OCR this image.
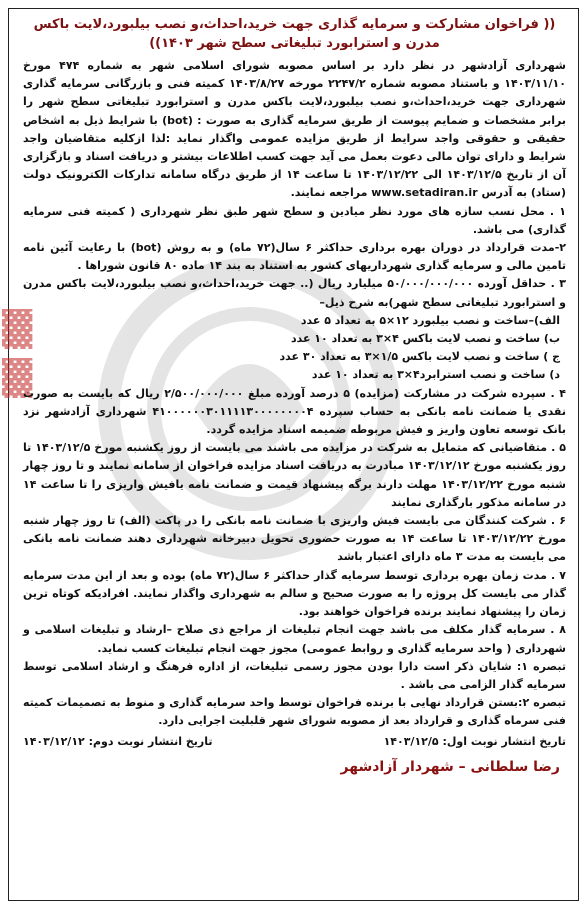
▓▓ ▓▓
(( فراخوان مشارکت و سرمایه گذاری جهت خرید،احداث،و نصب بیلبورد،لایت باکس مدرن و استرابورد تبلیغاتی سطح شهر ۱۴۰۳))

شهرداری آزادشهر در نظر دارد بر اساس مصوبه شورای اسلامی شهر به شماره ۴۷۴ مورخ ۱۴۰۳/۱۱/۱۰ و باستناد مصوبه شماره ۲۲۴۷/۲ مورخه ۱۴۰۳/۸/۲۷ کمیته فنی و بازرگانی سرمایه گذاری شهرداری جهت خرید،احداث،و نصب بیلبورد،لایت باکس مدرن و استرابورد تبلیغاتی سطح شهر را برابر مشخصات و ضمایم پیوست از طریق سرمایه گذاری به صورت : (bot) با شرایط ذیل به اشخاص حقیقی و حقوقی واجد سرایط از طریق مزایده عمومی واگذار نماید :لذا ازکلیه متقاضیان واجد شرایط و دارای توان مالی دعوت بعمل می آید جهت کسب اطلاعات بیشتر و دریافت اسناد و بازگزاری آن از تاریخ ۱۴۰۳/۱۲/۵ الی ۱۴۰۳/۱۲/۲۲ تا ساعت ۱۴ از طریق درگاه سامانه تدارکات الکترونیک دولت (ستاد) به آدرس www.setadiran.ir مراجعه نمایند.

۱ . محل نسب سازه های مورد نظر میادین و سطح شهر طبق نظر شهرداری ( کمیته فنی سرمایه گذاری) می باشد.
۲-مدت قرارداد در دوران بهره برداری حداکثر ۶ سال(۷۲ ماه) و به روش (bot) با رعایت آئین نامه تامین مالی و سرمایه گذاری شهرداریهای کشور به استناد به بند ۱۴ ماده ۸۰ قانون شوراها .
۳ . حداقل آورده ۵۰/۰۰۰/۰۰۰/۰۰۰ میلیارد ریال (.. جهت خرید،احداث،و نصب بیلبورد،لایت باکس مدرن و استرابورد تبلیغاتی سطح شهر)به شرح ذیل–
الف)–ساخت و نصب بیلبورد ۱۲×۵ به تعداد ۵ عدد
ب) ساخت و نصب لایت باکس ۴×۳ به تعداد ۱۰ عدد
ج ) ساخت و نصب لایت باکس ۱/۵×۳ به تعداد ۳۰ عدد
د) ساخت و نصب استرابرد۴×۳ به تعداد ۱۰ عدد
۴ . سپرده شرکت در مشارکت (مزایده) ۵ درصد آورده مبلغ ۲/۵۰۰/۰۰۰/۰۰۰ ریال که بایست به صورت نقدی یا ضمانت نامه بانکی به حساب سپرده ۴۱۰۰۰۰۰۰۳۰۱۱۱۱۳۰۰۰۰۰۰۰۰۴ شهرداری آزادشهر نزد بانک توسعه تعاون واریز و فیش مربوطه ضمیمه اسناد مزایده گردد.
۵ . متقاضیانی که متمایل به شرکت در مزایده می باشند می بایست از روز یکشنبه مورخ ۱۴۰۳/۱۲/۵ تا روز یکشنبه مورخ ۱۴۰۳/۱۲/۱۲ مبادرت به دریافت اسناد مزایده فراخوان از سامانه نمایند و تا روز چهار شنبه مورخ ۱۴۰۳/۱۲/۲۲ مهلت دارند برگه پیشنهاد قیمت و ضمانت نامه یافیش واریزی را تا ساعت ۱۴ در سامانه مذکور بارگذاری نمایند
۶ . شرکت کنندگان می بایست فیش واریزی با ضمانت نامه بانکی را در پاکت (الف) تا روز چهار شنبه مورخ ۱۴۰۳/۱۲/۲۲ تا ساعت ۱۴ به صورت حضوری تحویل دبیرخانه شهرداری دهند ضمانت نامه بانکی می بایست به مدت ۳ ماه دارای اعتبار باشد
۷ . مدت زمان بهره برداری توسط سرمایه گذار حداکثر ۶ سال(۷۲ ماه) بوده و بعد از این مدت سرمایه گذار می بایست کل پروژه را به صورت صحیح و سالم به شهرداری واگذار نمایند. افرادیکه کوتاه ترین زمان را پیشنهاد نمایند برنده فراخوان خواهند بود.
۸ . سرمایه گذار مکلف می باشد جهت انجام تبلیغات از مراجع ذی صلاح –ارشاد و تبلیغات اسلامی و شهرداری ( واحد سرمایه گذاری و روابط عمومی) مجوز جهت انجام تبلیغات کسب نماید.
تبصره ۱: شایان ذکر است دارا بودن مجوز رسمی تبلیغات، از اداره فرهنگ و ارشاد اسلامی توسط سرمایه گذار الزامی می باشد .
تبصره ۲:بستن قرارداد نهایی با برنده فراخوان توسط واحد سرمایه گذاری و منوط به تصمیمات کمیته فنی سرماه گذاری و قرارداد بعد از مصوبه شورای شهر قلبلیت اجرایی دارد.
تاریخ انتشار نوبت اول: ۱۴۰۳/۱۲/۵
تاریخ انتشار نوبت دوم: ۱۴۰۳/۱۲/۱۲
رضا سلطانی – شهردار آزادشهر
